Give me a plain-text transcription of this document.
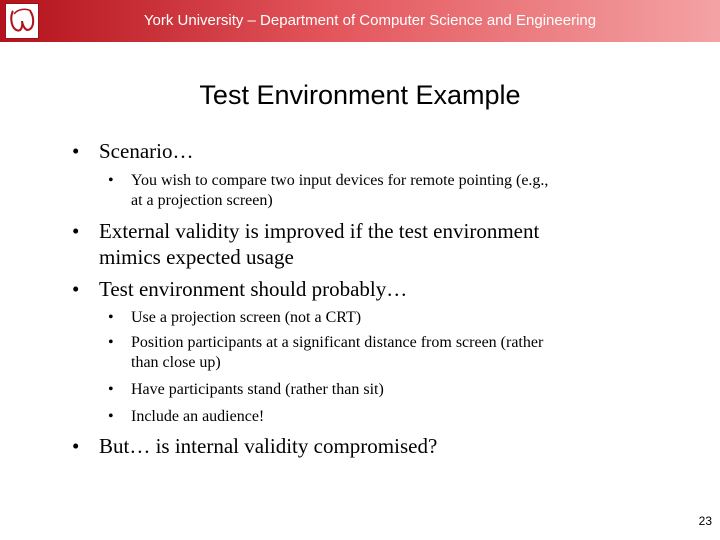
York University – Department of Computer Science and Engineering
Test Environment Example
• Scenario…
• You wish to compare two input devices for remote pointing (e.g.,
at a projection screen)
• External validity is improved if the test environment
mimics expected usage
• Test environment should probably…
• Use a projection screen (not a CRT)
• Position participants at a significant distance from screen (rather
than close up)
• Have participants stand (rather than sit)
• Include an audience!
• But… is internal validity compromised?
23
